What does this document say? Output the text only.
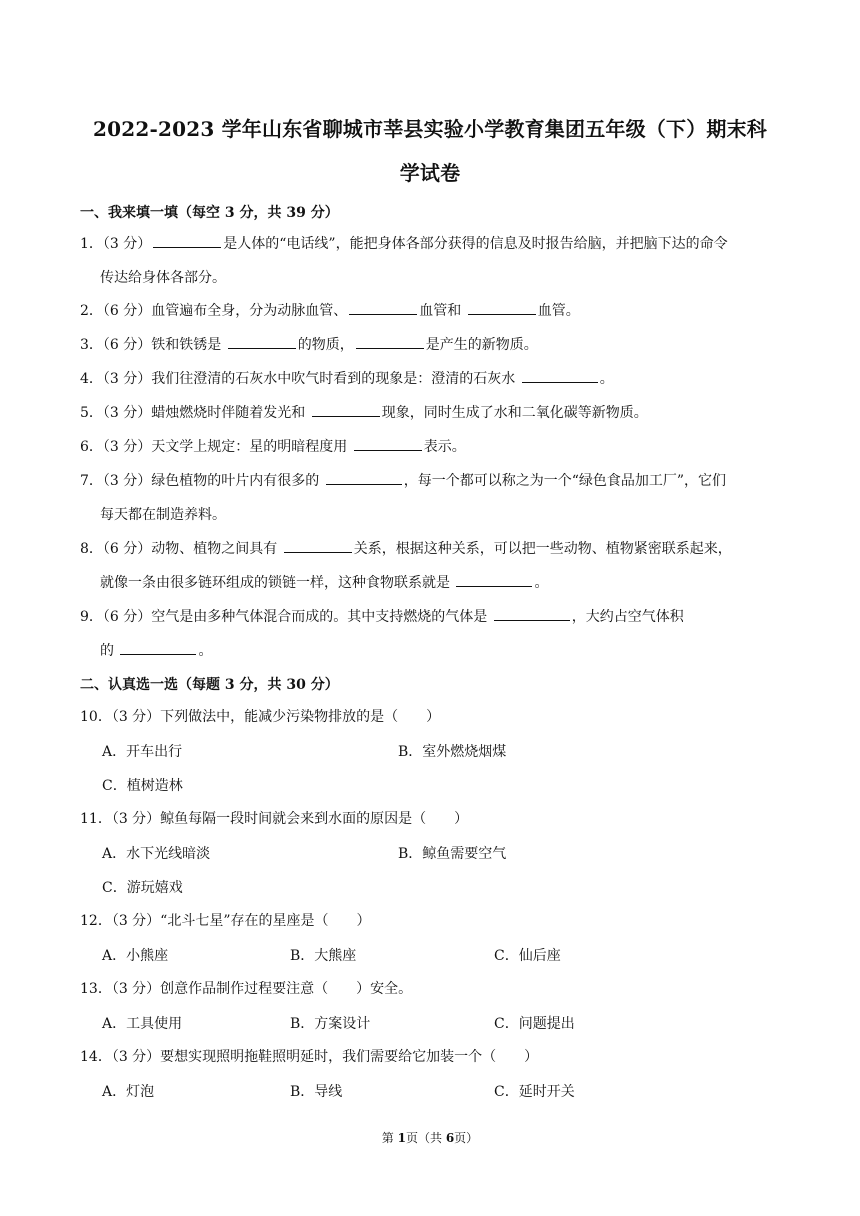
2022-2023 学年山东省聊城市莘县实验小学教育集团五年级（下）期末科
学试卷
一、我来填一填（每空 3 分，共 39 分）
1．（3 分）	是人体的“电话线”，能把身体各部分获得的信息及时报告给脑，并把脑下达的命令
传达给身体各部分。
2．（6 分）血管遍布全身，分为动脉血管、	血管和	血管。
3．（6 分）铁和铁锈是	的物质，	是产生的新物质。
4．（3 分）我们往澄清的石灰水中吹气时看到的现象是：澄清的石灰水	。
5．（3 分）蜡烛燃烧时伴随着发光和	现象，同时生成了水和二氧化碳等新物质。
6．（3 分）天文学上规定：星的明暗程度用	表示。
7．（3 分）绿色植物的叶片内有很多的	，每一个都可以称之为一个“绿色食品加工厂”，它们
每天都在制造养料。
8．（6 分）动物、植物之间具有	关系，根据这种关系，可以把一些动物、植物紧密联系起来，
就像一条由很多链环组成的锁链一样，这种食物联系就是	。
9．（6 分）空气是由多种气体混合而成的。其中支持燃烧的气体是	，大约占空气体积
的	。
二、认真选一选（每题 3 分，共 30 分）
10．（3 分）下列做法中，能减少污染物排放的是（　　）
A．开车出行	B．室外燃烧烟煤
C．植树造林
11．（3 分）鲸鱼每隔一段时间就会来到水面的原因是（　　）
A．水下光线暗淡	B．鲸鱼需要空气
C．游玩嬉戏
12．（3 分）“北斗七星”存在的星座是（　　）
A．小熊座	B．大熊座	C．仙后座
13．（3 分）创意作品制作过程要注意（　　）安全。
A．工具使用	B．方案设计	C．问题提出
14．（3 分）要想实现照明拖鞋照明延时，我们需要给它加装一个（　　）
A．灯泡	B．导线	C．延时开关
第 1页（共 6页）
